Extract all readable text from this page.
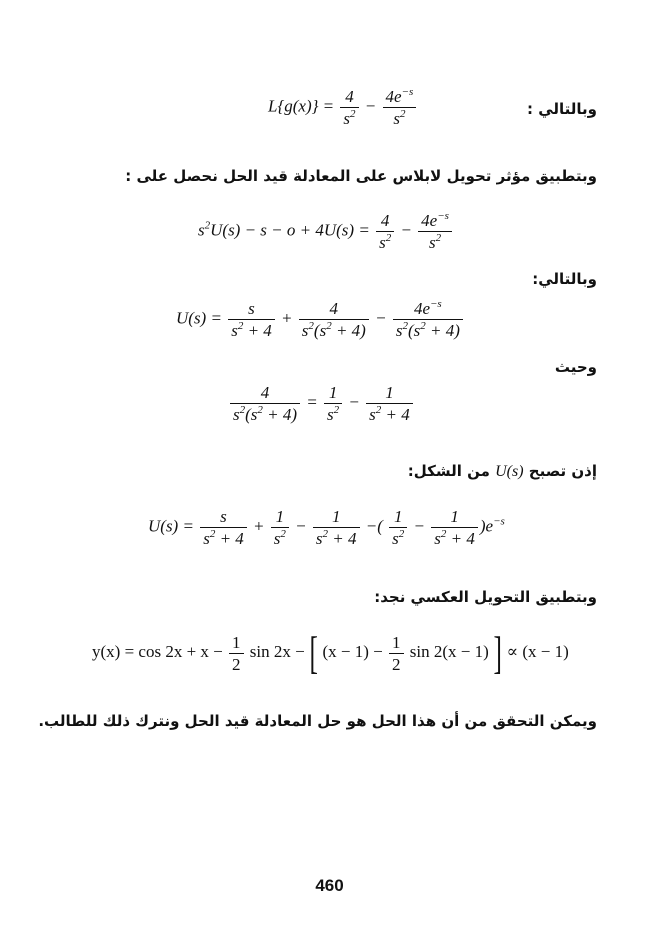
وبالتالي :
$L\{g(x)\} = \frac{4}{s^2} - \frac{4e^{-s}}{s^2}$
وبتطبيق مؤثر تحويل لابلاس على المعادلة قيد الحل نحصل على :
$s^2U(s) - s - o + 4U(s) = \frac{4}{s^2} - \frac{4e^{-s}}{s^2}$
وبالتالي:
$U(s) = \frac{s}{s^2 + 4} + \frac{4}{s^2(s^2 + 4)} - \frac{4e^{-s}}{s^2(s^2 + 4)}$
وحيث
$\frac{4}{s^2(s^2 + 4)} = \frac{1}{s^2} - \frac{1}{s^2 + 4}$
إذن تصبح U(s) من الشكل:
$U(s) = \frac{s}{s^2 + 4} + \frac{1}{s^2} - \frac{1}{s^2 + 4}$ −( $\frac{1}{s^2} - \frac{1}{s^2 + 4} )e^{-s}$
وبتطبيق التحويل العكسي نجد:
$y(x) = \cos 2x + x - \frac{1}{2}$ sin 2x − [ $(x - 1) - \frac{1}{2}$ sin 2(x − 1) ] ∝ (x − 1)
ويمكن التحقق من أن هذا الحل هو حل المعادلة قيد الحل ونترك ذلك للطالب.
460
